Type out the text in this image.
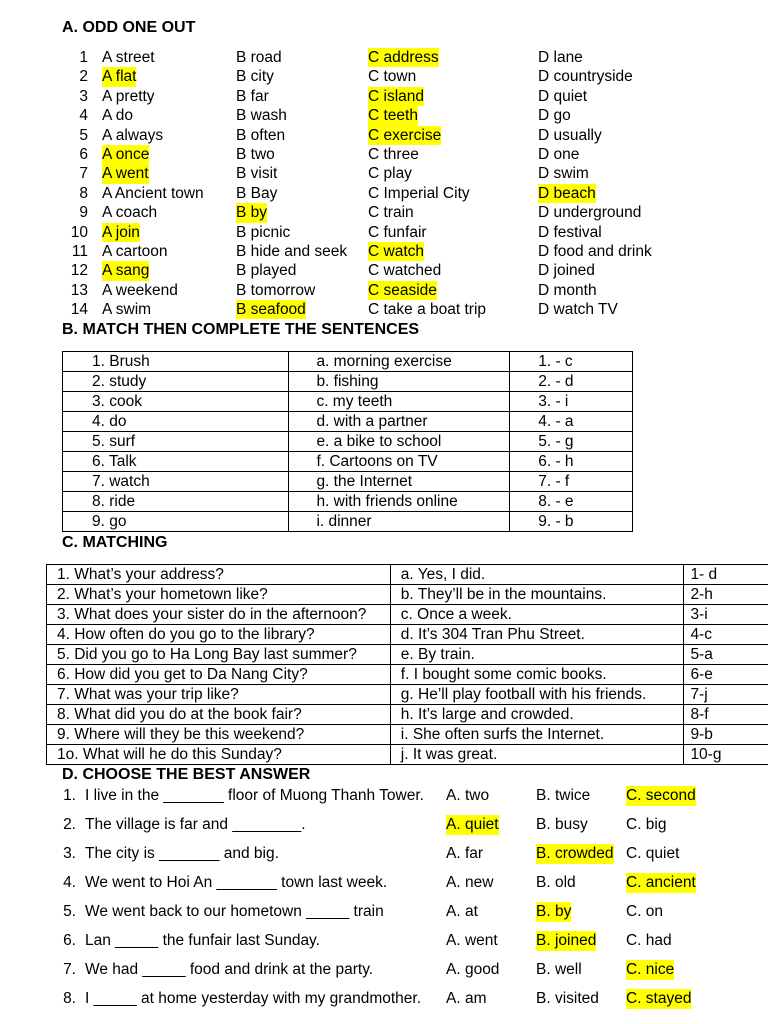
A. ODD ONE OUT
1 A street	B road	C address	D lane
2 A flat	B city	C town	D countryside
3 A pretty	B far	C island	D quiet
4 A do	B wash	C teeth	D go
5 A always	B often	C exercise	D usually
6 A once	B two	C three	D one
7 A went	B visit	C play	D swim
8 A Ancient town B Bay	C Imperial City	D beach
9 A coach	B by	C train	D underground
10 A join	B picnic	C funfair	D festival
11 A cartoon	B hide and seek C watch	D food and drink
12 A sang	B played	C watched	D joined
13 A weekend	B tomorrow	C seaside	D month
14 A swim	B seafood	C take a boat trip	D watch TV
B. MATCH THEN COMPLETE THE SENTENCES
1. Brush	a. morning exercise	1. - c
2. study	b. fishing	2. - d
3. cook	c. my teeth	3. - i
4. do	d. with a partner	4. - a
5. surf	e. a bike to school	5. - g
6. Talk	f. Cartoons on TV	6. - h
7. watch	g. the Internet	7. - f
8. ride	h. with friends online	8. - e
9. go	i. dinner	9. - b
C. MATCHING
1. What’s your address?	a. Yes, I did.	1- d
2. What’s your hometown like?	b. They’ll be in the mountains.	2-h
3. What does your sister do in the afternoon?	c. Once a week.	3-i
4. How often do you go to the library?	d. It’s 304 Tran Phu Street.	4-c
5. Did you go to Ha Long Bay last summer?	e. By train.	5-a
6. How did you get to Da Nang City?	f. I bought some comic books.	6-e
7. What was your trip like?	g. He’ll play football with his friends.	7-j
8. What did you do at the book fair?	h. It’s large and crowded.	8-f
9. Where will they be this weekend?	i. She often surfs the Internet.	9-b
1o. What will he do this Sunday?	j. It was great.	10-g
D. CHOOSE THE BEST ANSWER
1. I live in the _______ floor of Muong Thanh Tower. A. two	B. twice C. second
2. The village is far and ________.	A. quiet B. busy C. big
3. The city is _______ and big.	A. far	B. crowded C. quiet
4. We went to Hoi An _______ town last week.	A. new	B. old	C. ancient
5. We went back to our hometown _____ train	A. at	B. by	C. on
6. Lan _____ the funfair last Sunday.	A. went B. joined C. had
7. We had _____ food and drink at the party.	A. good B. well	C. nice
8. I _____ at home yesterday with my grandmother. A. am	B. visited C. stayed
